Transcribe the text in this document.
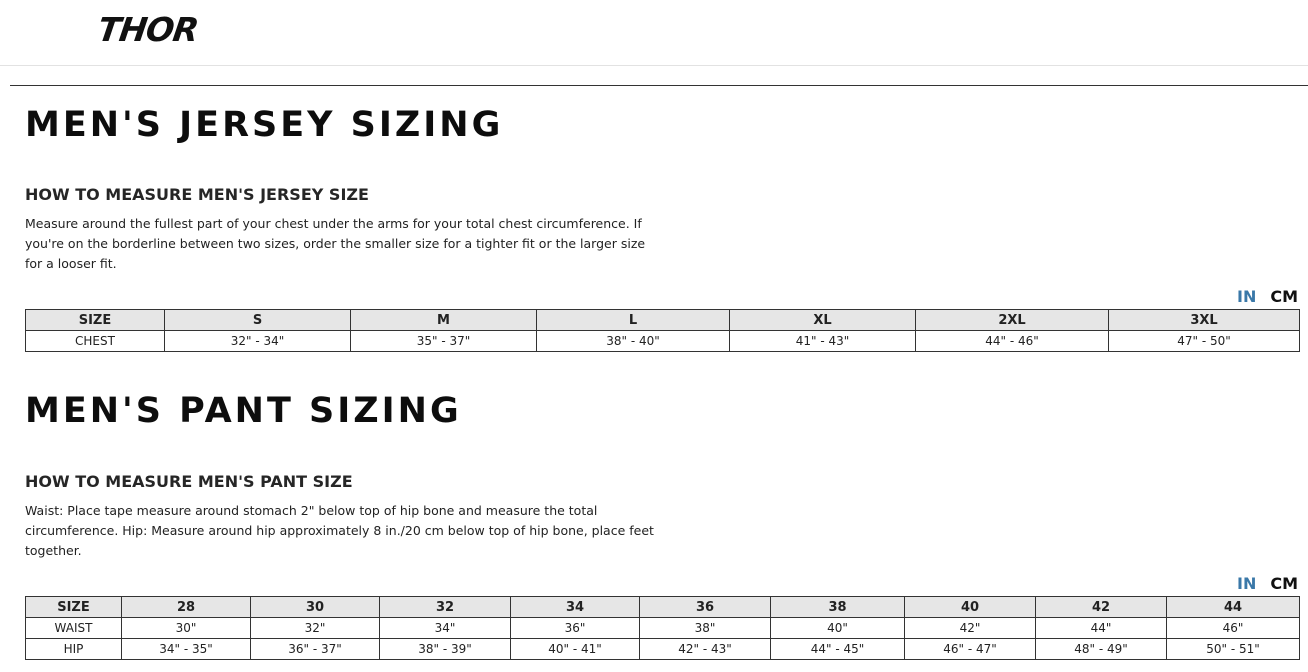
THOR
MEN'S JERSEY SIZING
HOW TO MEASURE MEN'S JERSEY SIZE
Measure around the fullest part of your chest under the arms for your total chest circumference. If you're on the borderline between two sizes, order the smaller size for a tighter fit or the larger size for a looser fit.
IN CM
SIZE	S	M	L	XL	2XL	3XL
CHEST	32" - 34"	35" - 37"	38" - 40"	41" - 43"	44" - 46"	47" - 50"
MEN'S PANT SIZING
HOW TO MEASURE MEN'S PANT SIZE
Waist: Place tape measure around stomach 2" below top of hip bone and measure the total circumference. Hip: Measure around hip approximately 8 in./20 cm below top of hip bone, place feet together.
IN CM
SIZE	28	30	32	34	36	38	40	42	44
WAIST	30"	32"	34"	36"	38"	40"	42"	44"	46"
HIP	34" - 35"	36" - 37"	38" - 39"	40" - 41"	42" - 43"	44" - 45"	46" - 47"	48" - 49"	50" - 51"
